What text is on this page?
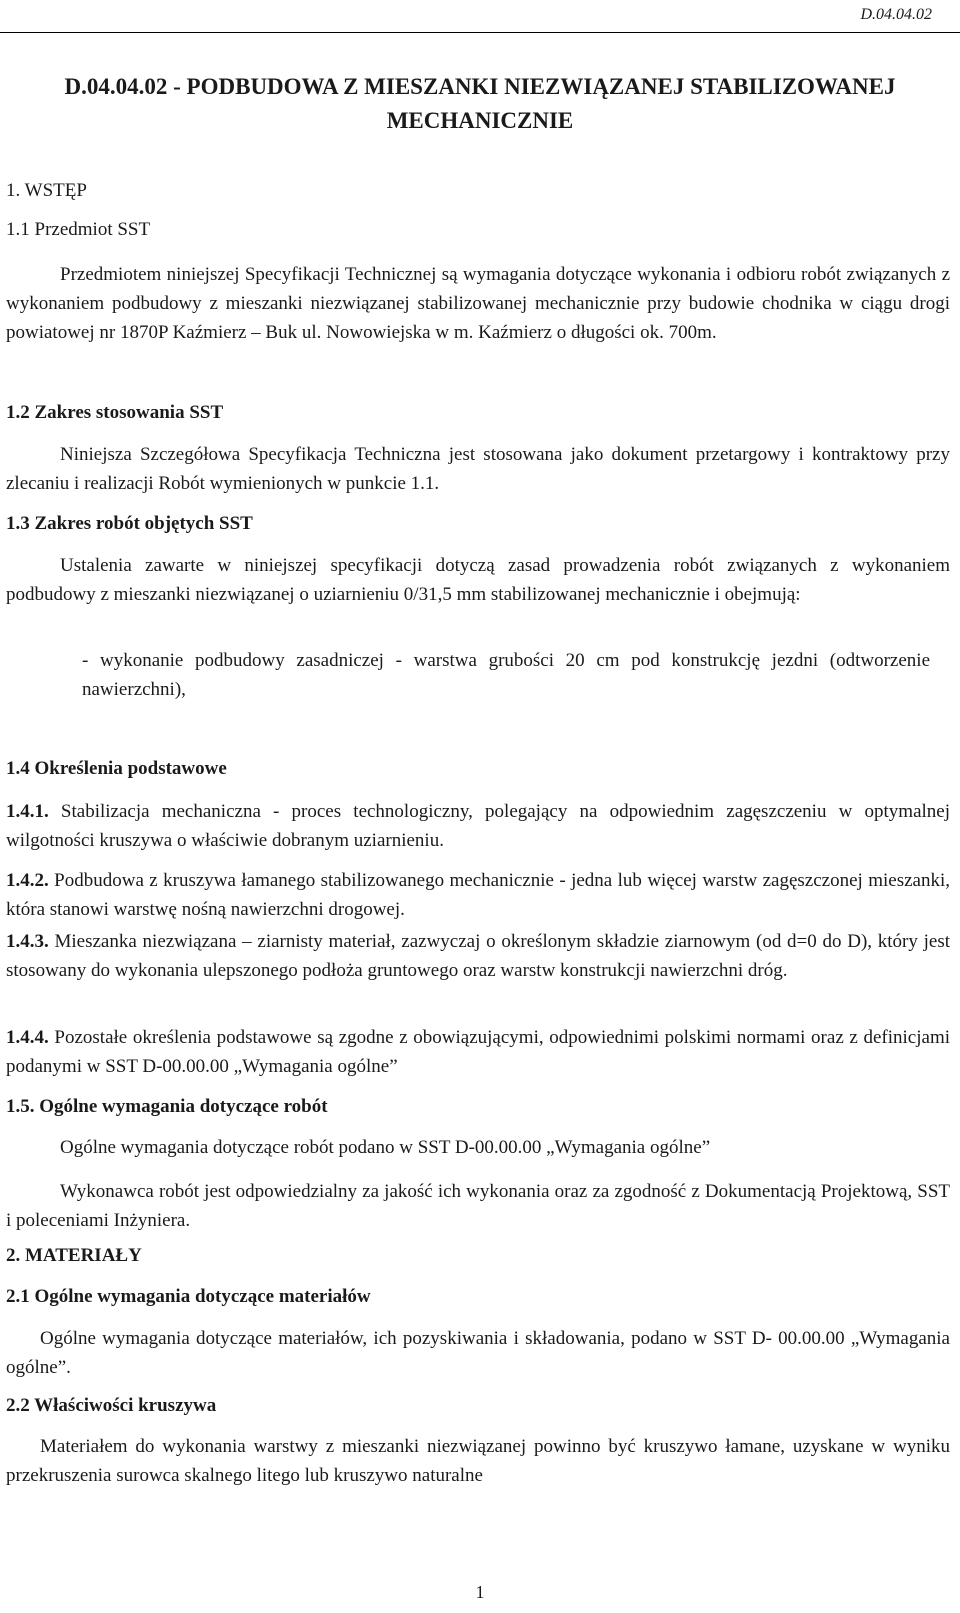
D.04.04.02
D.04.04.02 - PODBUDOWA Z MIESZANKI NIEZWIĄZANEJ STABILIZOWANEJ MECHANICZNIE
1. WSTĘP
1.1 Przedmiot SST
Przedmiotem niniejszej Specyfikacji Technicznej są wymagania dotyczące wykonania i odbioru robót związanych z wykonaniem podbudowy z mieszanki niezwiązanej stabilizowanej mechanicznie przy budowie chodnika w ciągu drogi powiatowej nr 1870P Kaźmierz – Buk ul. Nowowiejska w m. Kaźmierz o długości ok. 700m.
1.2 Zakres stosowania SST
Niniejsza Szczegółowa Specyfikacja Techniczna jest stosowana jako dokument przetargowy i kontraktowy przy zlecaniu i realizacji Robót wymienionych w punkcie 1.1.
1.3 Zakres robót objętych SST
Ustalenia zawarte w niniejszej specyfikacji dotyczą zasad prowadzenia robót związanych z wykonaniem podbudowy z mieszanki niezwiązanej o uziarnieniu 0/31,5 mm stabilizowanej mechanicznie i obejmują:
- wykonanie podbudowy zasadniczej - warstwa grubości 20 cm pod konstrukcję jezdni (odtworzenie nawierzchni),
1.4 Określenia podstawowe
1.4.1. Stabilizacja mechaniczna - proces technologiczny, polegający na odpowiednim zagęszczeniu w optymalnej wilgotności kruszywa o właściwie dobranym uziarnieniu.
1.4.2. Podbudowa z kruszywa łamanego stabilizowanego mechanicznie - jedna lub więcej warstw zagęszczonej mieszanki, która stanowi warstwę nośną nawierzchni drogowej.
1.4.3. Mieszanka niezwiązana – ziarnisty materiał, zazwyczaj o określonym składzie ziarnowym (od d=0 do D), który jest stosowany do wykonania ulepszonego podłoża gruntowego oraz warstw konstrukcji nawierzchni dróg.
1.4.4. Pozostałe określenia podstawowe są zgodne z obowiązującymi, odpowiednimi polskimi normami oraz z definicjami podanymi w SST D-00.00.00 „Wymagania ogólne”
1.5. Ogólne wymagania dotyczące robót
Ogólne wymagania dotyczące robót podano w SST D-00.00.00 „Wymagania ogólne”
Wykonawca robót jest odpowiedzialny za jakość ich wykonania oraz za zgodność z Dokumentacją Projektową, SST i poleceniami Inżyniera.
2. MATERIAŁY
2.1 Ogólne wymagania dotyczące materiałów
Ogólne wymagania dotyczące materiałów, ich pozyskiwania i składowania, podano w SST D- 00.00.00 „Wymagania ogólne”.
2.2 Właściwości kruszywa
Materiałem do wykonania warstwy z mieszanki niezwiązanej powinno być kruszywo łamane, uzyskane w wyniku przekruszenia surowca skalnego litego lub kruszywo naturalne
1
